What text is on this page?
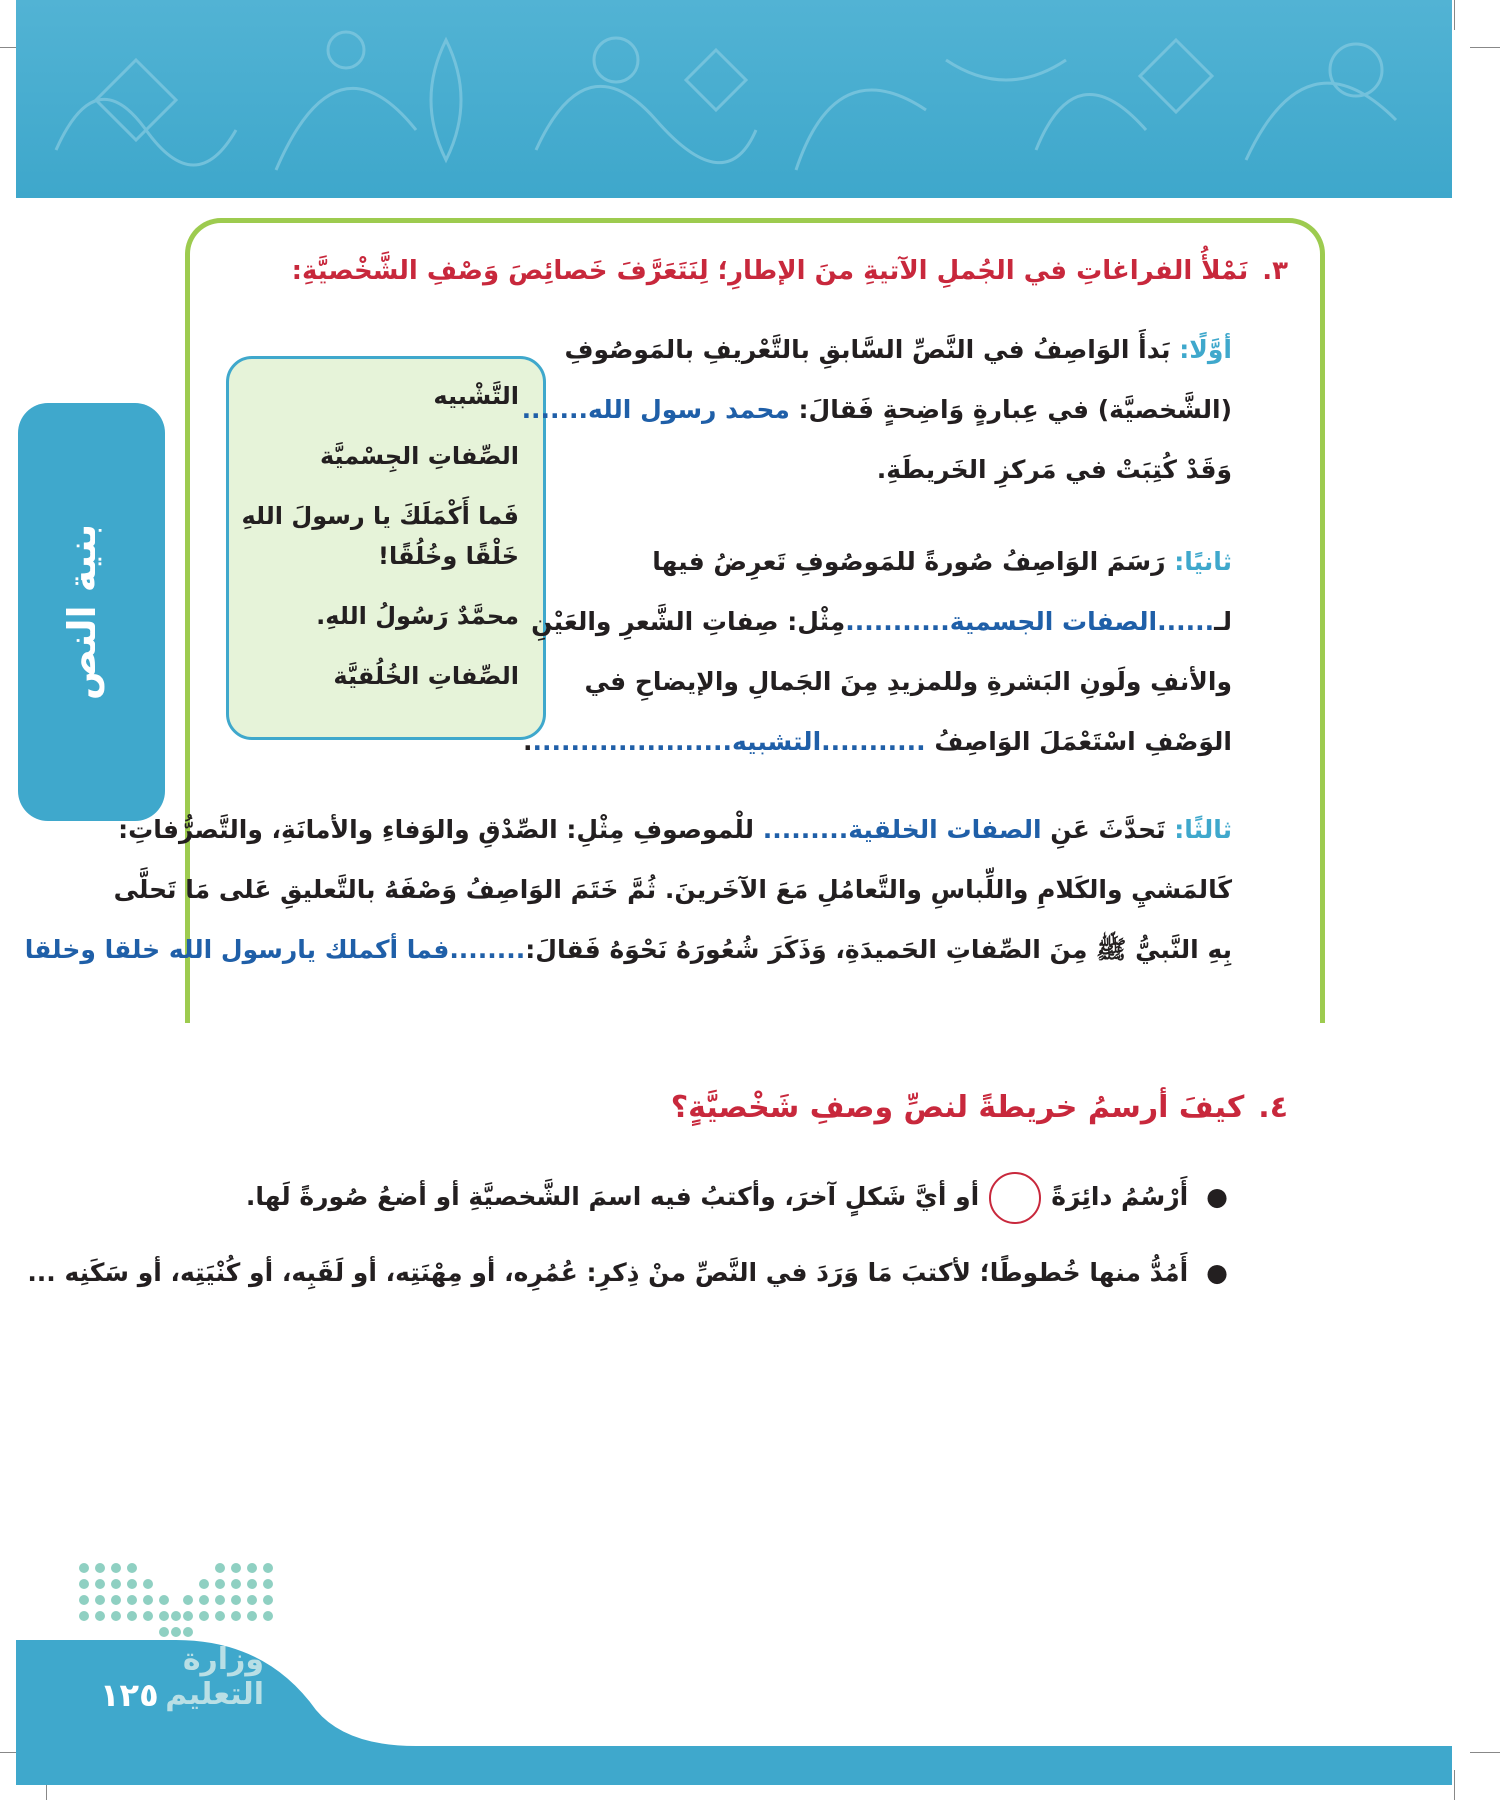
بنية النص
٣.نَمْلأُ الفراغاتِ في الجُملِ الآتيةِ منَ الإطارِ؛ لِنَتَعَرَّفَ خَصائِصَ وَصْفِ الشَّخْصيَّةِ:
التَّشْبيه
الصِّفاتِ الجِسْميَّة
فَما أَكْمَلَكَ يا رسولَ اللهِ
خَلْقًا وخُلُقًا!
محمَّدٌ رَسُولُ اللهِ.
الصِّفاتِ الخُلُقيَّة
أوَّلًا: بَدأَ الوَاصِفُ في النَّصِّ السَّابقِ بالتَّعْريفِ بالمَوصُوفِ
(الشَّخصيَّة) في عِبارةٍ وَاضِحةٍ فَقالَ: محمد رسول الله.......
وَقَدْ كُتِبَتْ في مَركزِ الخَريطَةِ.
ثانيًا: رَسَمَ الوَاصِفُ صُورةً للمَوصُوفِ تَعرِضُ فيها
لـ......الصفات الجسمية...........مِثْل: صِفاتِ الشَّعرِ والعَيْنِ
والأنفِ ولَونِ البَشرةِ وللمزيدِ مِنَ الجَمالِ والإيضاحِ في
الوَصْفِ اسْتَعْمَلَ الوَاصِفُ ...........التشبيه......................
ثالثًا: تَحدَّثَ عَنِ الصفات الخلقية......... للْموصوفِ مِثْلِ: الصِّدْقِ والوَفاءِ والأمانَةِ، والتَّصرُّفاتِ:
كَالمَشيِ والكَلامِ واللِّباسِ والتَّعامُلِ مَعَ الآخَرينَ. ثُمَّ خَتَمَ الوَاصِفُ وَصْفَهُ بالتَّعليقِ عَلى مَا تَحلَّى
بِهِ النَّبيُّ ﷺ مِنَ الصِّفاتِ الحَميدَةِ، وَذَكَرَ شُعُورَهُ نَحْوَهُ فَقالَ:........فما أكملك يارسول الله خلقا وخلقا
٤.كيفَ أرسمُ خريطةً لنصِّ وصفِ شَخْصيَّةٍ؟
●أَرْسُمُ دائِرَةًأو أيَّ شَكلٍ آخرَ، وأكتبُ فيه اسمَ الشَّخصيَّةِ أو أضعُ صُورةً لَها.
●أَمُدُّ منها خُطوطًا؛ لأكتبَ مَا وَرَدَ في النَّصِّ منْ ذِكرِ: عُمُرِه، أو مِهْنَتِه، أو لَقَبِه، أو كُنْيَتِه، أو سَكَنِه ...
وزارة التعليم
١٢٥
